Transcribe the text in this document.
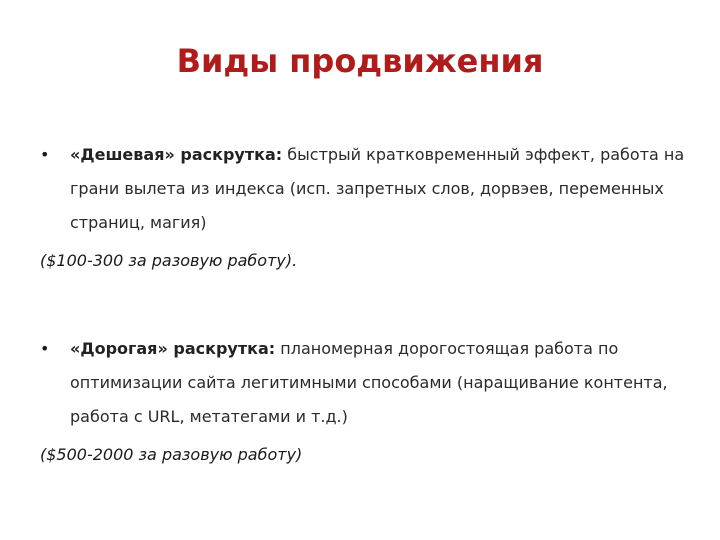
Виды продвижения
•	«Дешевая» раскрутка: быстрый кратковременный эффект, работа на грани вылета из индекса (исп. запретных слов, дорвэев, переменных страниц, магия)
($100-300 за разовую работу).
•	«Дорогая» раскрутка: планомерная дорогостоящая работа по оптимизации сайта легитимными способами (наращивание контента, работа с URL, метатегами и т.д.)
($500-2000 за разовую работу)
